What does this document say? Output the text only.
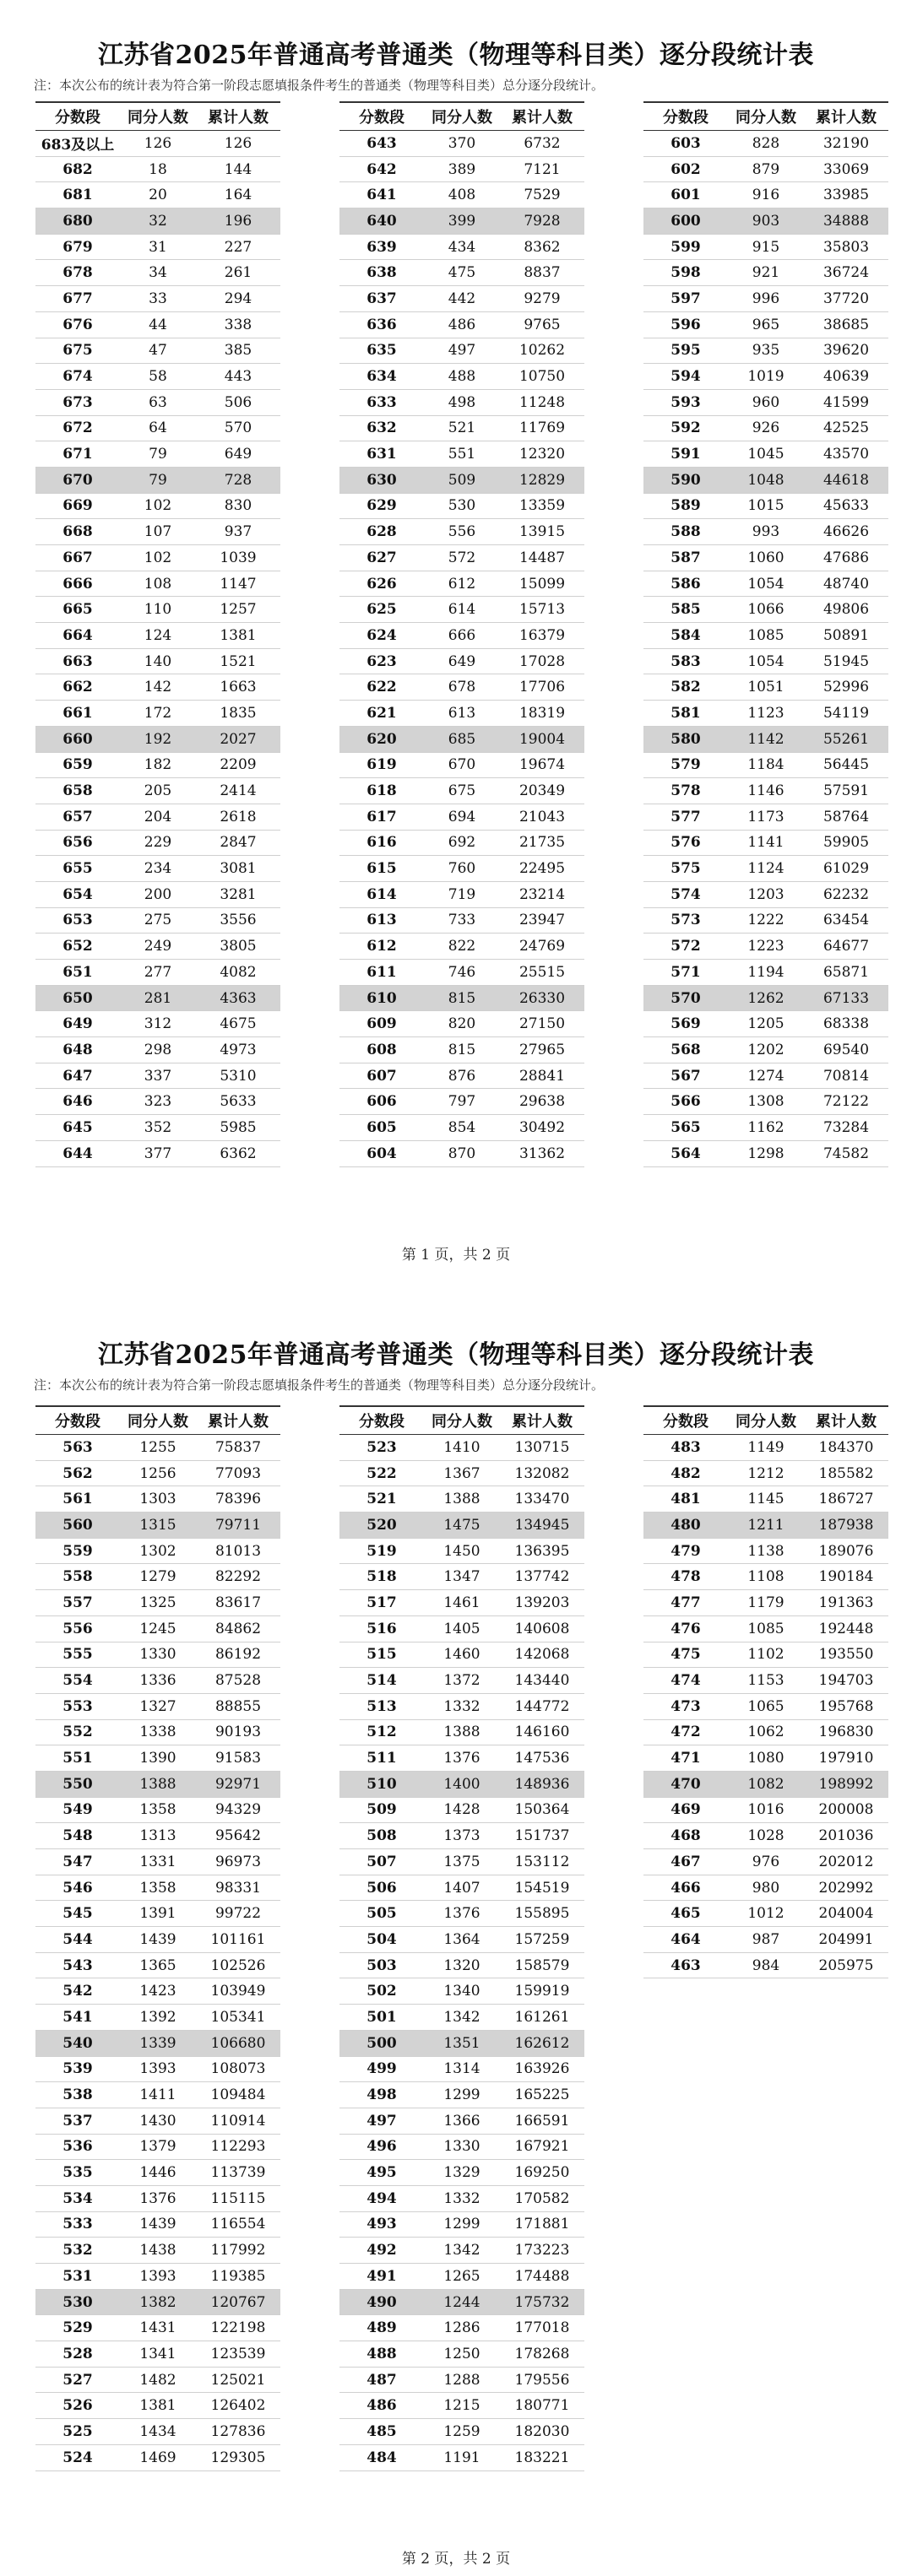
江苏省2025年普通高考普通类（物理等科目类）逐分段统计表
注：本次公布的统计表为符合第一阶段志愿填报条件考生的普通类（物理等科目类）总分逐分段统计。
第 1 页，共 2 页
分数段	同分人数	累计人数
683及以上	126	126
682	18	144
681	20	164
680	32	196
679	31	227
678	34	261
677	33	294
676	44	338
675	47	385
674	58	443
673	63	506
672	64	570
671	79	649
670	79	728
669	102	830
668	107	937
667	102	1039
666	108	1147
665	110	1257
664	124	1381
663	140	1521
662	142	1663
661	172	1835
660	192	2027
659	182	2209
658	205	2414
657	204	2618
656	229	2847
655	234	3081
654	200	3281
653	275	3556
652	249	3805
651	277	4082
650	281	4363
649	312	4675
648	298	4973
647	337	5310
646	323	5633
645	352	5985
644	377	6362
分数段	同分人数	累计人数
643	370	6732
642	389	7121
641	408	7529
640	399	7928
639	434	8362
638	475	8837
637	442	9279
636	486	9765
635	497	10262
634	488	10750
633	498	11248
632	521	11769
631	551	12320
630	509	12829
629	530	13359
628	556	13915
627	572	14487
626	612	15099
625	614	15713
624	666	16379
623	649	17028
622	678	17706
621	613	18319
620	685	19004
619	670	19674
618	675	20349
617	694	21043
616	692	21735
615	760	22495
614	719	23214
613	733	23947
612	822	24769
611	746	25515
610	815	26330
609	820	27150
608	815	27965
607	876	28841
606	797	29638
605	854	30492
604	870	31362
分数段	同分人数	累计人数
603	828	32190
602	879	33069
601	916	33985
600	903	34888
599	915	35803
598	921	36724
597	996	37720
596	965	38685
595	935	39620
594	1019	40639
593	960	41599
592	926	42525
591	1045	43570
590	1048	44618
589	1015	45633
588	993	46626
587	1060	47686
586	1054	48740
585	1066	49806
584	1085	50891
583	1054	51945
582	1051	52996
581	1123	54119
580	1142	55261
579	1184	56445
578	1146	57591
577	1173	58764
576	1141	59905
575	1124	61029
574	1203	62232
573	1222	63454
572	1223	64677
571	1194	65871
570	1262	67133
569	1205	68338
568	1202	69540
567	1274	70814
566	1308	72122
565	1162	73284
564	1298	74582
江苏省2025年普通高考普通类（物理等科目类）逐分段统计表
注：本次公布的统计表为符合第一阶段志愿填报条件考生的普通类（物理等科目类）总分逐分段统计。
第 2 页，共 2 页
分数段	同分人数	累计人数
563	1255	75837
562	1256	77093
561	1303	78396
560	1315	79711
559	1302	81013
558	1279	82292
557	1325	83617
556	1245	84862
555	1330	86192
554	1336	87528
553	1327	88855
552	1338	90193
551	1390	91583
550	1388	92971
549	1358	94329
548	1313	95642
547	1331	96973
546	1358	98331
545	1391	99722
544	1439	101161
543	1365	102526
542	1423	103949
541	1392	105341
540	1339	106680
539	1393	108073
538	1411	109484
537	1430	110914
536	1379	112293
535	1446	113739
534	1376	115115
533	1439	116554
532	1438	117992
531	1393	119385
530	1382	120767
529	1431	122198
528	1341	123539
527	1482	125021
526	1381	126402
525	1434	127836
524	1469	129305
分数段	同分人数	累计人数
523	1410	130715
522	1367	132082
521	1388	133470
520	1475	134945
519	1450	136395
518	1347	137742
517	1461	139203
516	1405	140608
515	1460	142068
514	1372	143440
513	1332	144772
512	1388	146160
511	1376	147536
510	1400	148936
509	1428	150364
508	1373	151737
507	1375	153112
506	1407	154519
505	1376	155895
504	1364	157259
503	1320	158579
502	1340	159919
501	1342	161261
500	1351	162612
499	1314	163926
498	1299	165225
497	1366	166591
496	1330	167921
495	1329	169250
494	1332	170582
493	1299	171881
492	1342	173223
491	1265	174488
490	1244	175732
489	1286	177018
488	1250	178268
487	1288	179556
486	1215	180771
485	1259	182030
484	1191	183221
分数段	同分人数	累计人数
483	1149	184370
482	1212	185582
481	1145	186727
480	1211	187938
479	1138	189076
478	1108	190184
477	1179	191363
476	1085	192448
475	1102	193550
474	1153	194703
473	1065	195768
472	1062	196830
471	1080	197910
470	1082	198992
469	1016	200008
468	1028	201036
467	976	202012
466	980	202992
465	1012	204004
464	987	204991
463	984	205975
